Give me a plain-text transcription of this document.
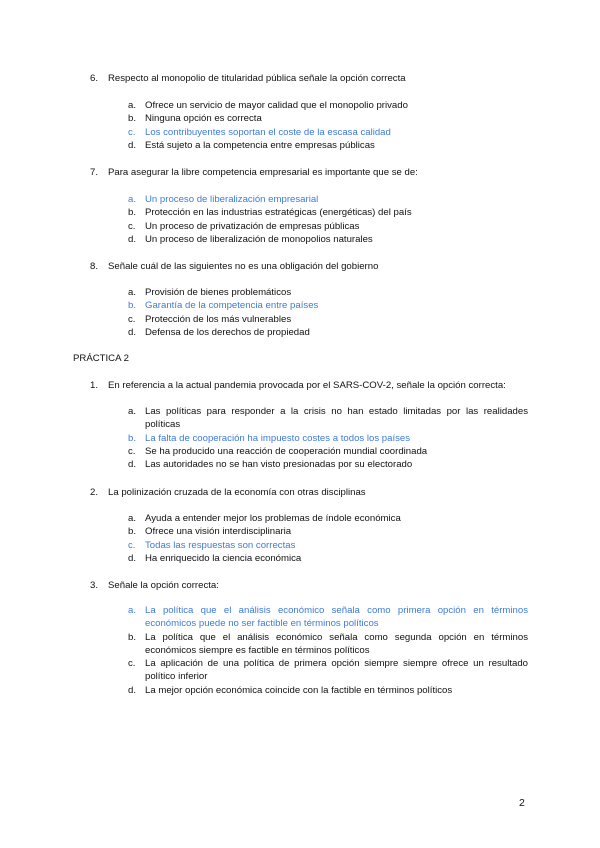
6. Respecto al monopolio de titularidad pública señale la opción correcta
a. Ofrece un servicio de mayor calidad que el monopolio privado
b. Ninguna opción es correcta
c. Los contribuyentes soportan el coste de la escasa calidad
d. Está sujeto a la competencia entre empresas públicas
7. Para asegurar la libre competencia empresarial es importante que se de:
a. Un proceso de liberalización empresarial
b. Protección en las industrias estratégicas (energéticas) del país
c. Un proceso de privatización de empresas públicas
d. Un proceso de liberalización de monopolios naturales
8. Señale cuál de las siguientes no es una obligación del gobierno
a. Provisión de bienes problemáticos
b. Garantía de la competencia entre países
c. Protección de los más vulnerables
d. Defensa de los derechos de propiedad
PRÁCTICA 2
1. En referencia a la actual pandemia provocada por el SARS-COV-2, señale la opción correcta:
a. Las políticas para responder a la crisis no han estado limitadas por las realidades políticas
b. La falta de cooperación ha impuesto costes a todos los países
c. Se ha producido una reacción de cooperación mundial coordinada
d. Las autoridades no se han visto presionadas por su electorado
2. La polinización cruzada de la economía con otras disciplinas
a. Ayuda a entender mejor los problemas de índole económica
b. Ofrece una visión interdisciplinaria
c. Todas las respuestas son correctas
d. Ha enriquecido la ciencia económica
3. Señale la opción correcta:
a. La política que el análisis económico señala como primera opción en términos económicos puede no ser factible en términos políticos
b. La política que el análisis económico señala como segunda opción en términos económicos siempre es factible en términos políticos
c. La aplicación de una política de primera opción siempre siempre ofrece un resultado político inferior
d. La mejor opción económica coincide con la factible en términos políticos
2
